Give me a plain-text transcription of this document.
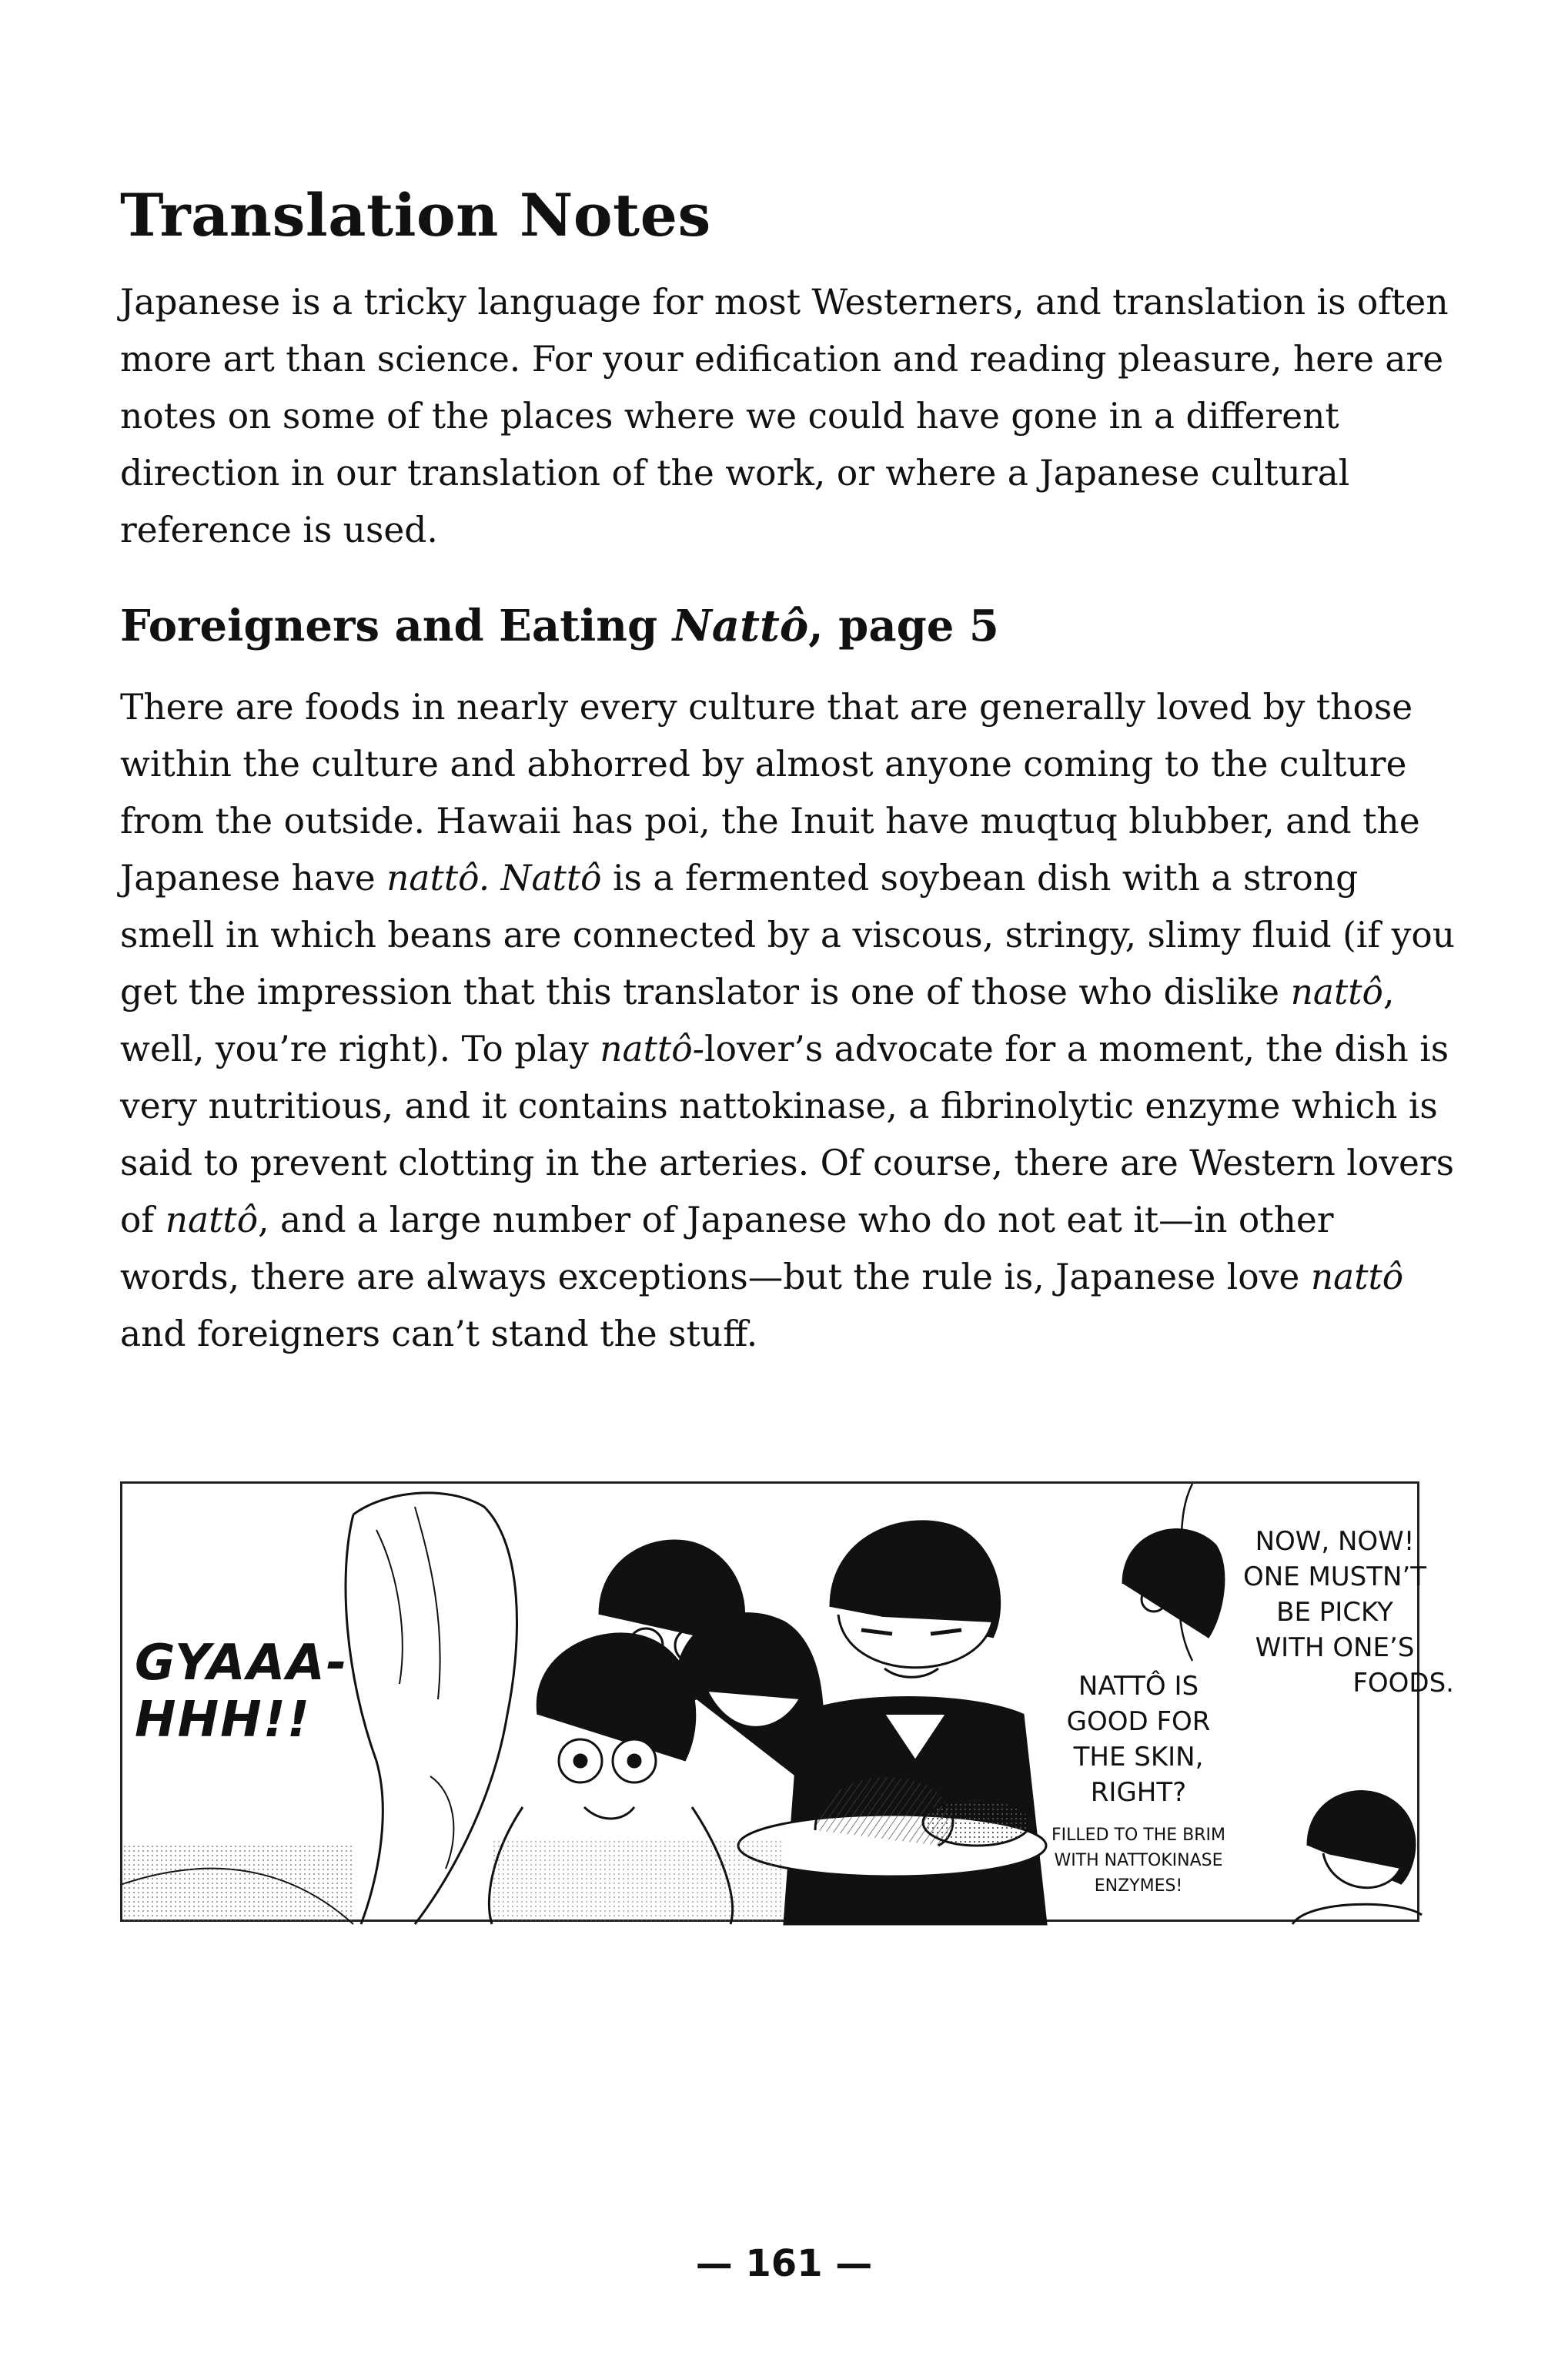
Translation Notes

Japanese is a tricky language for most Westerners, and translation is often more art than science. For your edification and reading pleasure, here are notes on some of the places where we could have gone in a different direction in our translation of the work, or where a Japanese cultural reference is used.

Foreigners and Eating Nattô, page 5

There are foods in nearly every culture that are generally loved by those within the culture and abhorred by almost anyone coming to the culture from the outside. Hawaii has poi, the Inuit have muqtuq blubber, and the Japanese have nattô. Nattô is a fermented soybean dish with a strong smell in which beans are connected by a viscous, stringy, slimy fluid (if you get the impression that this translator is one of those who dislike nattô, well, you’re right). To play nattô-lover’s advocate for a moment, the dish is very nutritious, and it contains nattokinase, a fibrinolytic enzyme which is said to prevent clotting in the arteries. Of course, there are Western lovers of nattô, and a large number of Japanese who do not eat it—in other words, there are always exceptions—but the rule is, Japanese love nattô and foreigners can’t stand the stuff.

GYAAA-
HHH!!
NOW, NOW!
ONE MUSTN’T
BE PICKY
WITH ONE’S
FOODS.
NATTÔ IS
GOOD FOR
THE SKIN,
RIGHT?
FILLED TO THE BRIM
WITH NATTOKINASE
ENZYMES!
— 161 —
